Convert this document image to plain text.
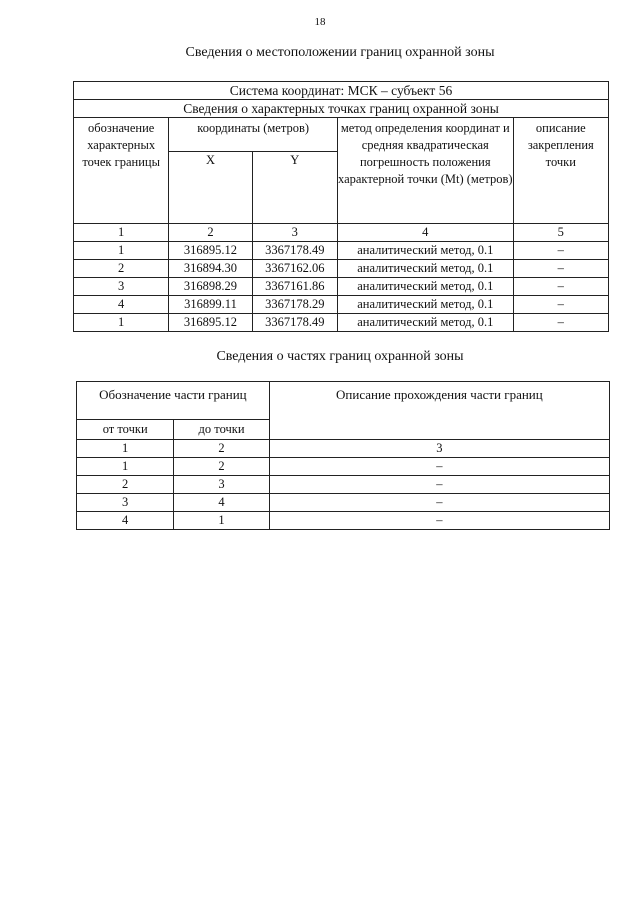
18
Сведения о местоположении границ охранной зоны
Система координат: МСК – субъект 56				
Сведения о характерных точках границ охранной зоны				
обозначение характерных точек границы	координаты (метров)		метод определения координат и средняя квадратическая погрешность положения характерной точки (Mt) (метров)	описание закрепления точки
	X	Y		
1	2	3	4	5
1	316895.12	3367178.49	аналитический метод, 0.1	–
2	316894.30	3367162.06	аналитический метод, 0.1	–
3	316898.29	3367161.86	аналитический метод, 0.1	–
4	316899.11	3367178.29	аналитический метод, 0.1	–
1	316895.12	3367178.49	аналитический метод, 0.1	–
Сведения о частях границ охранной зоны
Обозначение части границ		Описание прохождения части границ
от точки	до точки	
1	2	3
1	2	–
2	3	–
3	4	–
4	1	–
